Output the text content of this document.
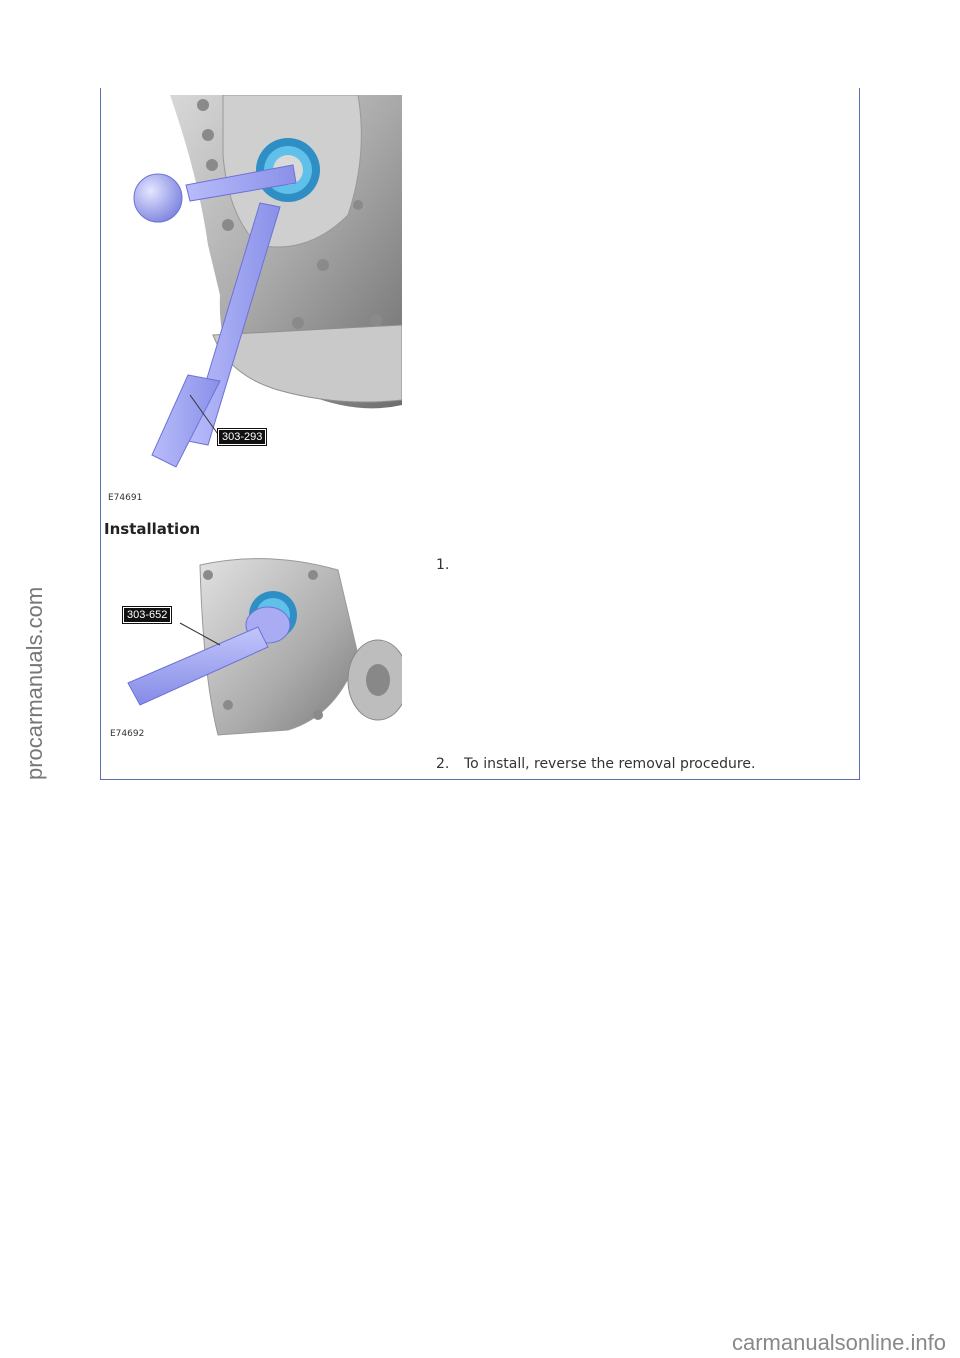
303-293
E74691
Installation
303-652
E74692
1.
2. To install, reverse the removal procedure.
procarmanuals.com
carmanualsonline.info
